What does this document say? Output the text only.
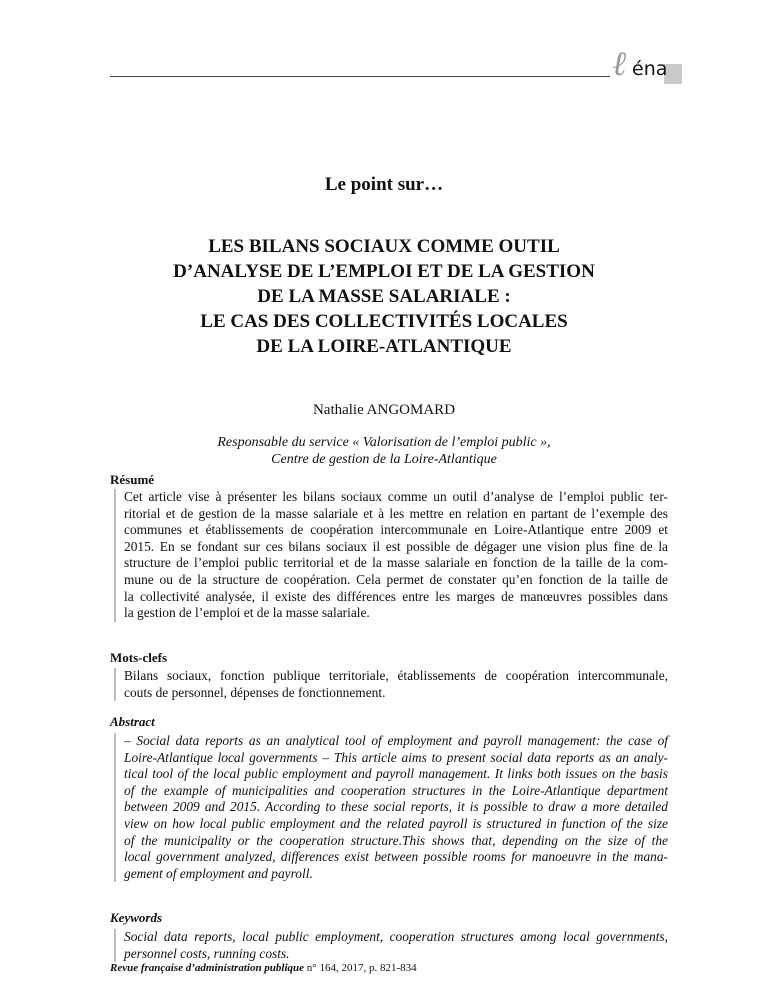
ℓ éna
Le point sur…
LES BILANS SOCIAUX COMME OUTIL
D’ANALYSE DE L’EMPLOI ET DE LA GESTION
DE LA MASSE SALARIALE :
LE CAS DES COLLECTIVITÉS LOCALES
DE LA LOIRE-ATLANTIQUE
Nathalie ANGOMARD
Responsable du service « Valorisation de l’emploi public »,
Centre de gestion de la Loire-Atlantique
Résumé
Cet article vise à présenter les bilans sociaux comme un outil d’analyse de l’emploi public ter-
ritorial et de gestion de la masse salariale et à les mettre en relation en partant de l’exemple des
communes et établissements de coopération intercommunale en Loire-Atlantique entre 2009 et
2015. En se fondant sur ces bilans sociaux il est possible de dégager une vision plus fine de la
structure de l’emploi public territorial et de la masse salariale en fonction de la taille de la com-
mune ou de la structure de coopération. Cela permet de constater qu’en fonction de la taille de
la collectivité analysée, il existe des différences entre les marges de manœuvres possibles dans
la gestion de l’emploi et de la masse salariale.
Mots-clefs
Bilans sociaux, fonction publique territoriale, établissements de coopération intercommunale,
couts de personnel, dépenses de fonctionnement.
Abstract
– Social data reports as an analytical tool of employment and payroll management: the case of
Loire-Atlantique local governments – This article aims to present social data reports as an analy-
tical tool of the local public employment and payroll management. It links both issues on the basis
of the example of municipalities and cooperation structures in the Loire-Atlantique department
between 2009 and 2015. According to these social reports, it is possible to draw a more detailed
view on how local public employment and the related payroll is structured in function of the size
of the municipality or the cooperation structure.This shows that, depending on the size of the
local government analyzed, differences exist between possible rooms for manoeuvre in the mana-
gement of employment and payroll.
Keywords
Social data reports, local public employment, cooperation structures among local governments,
personnel costs, running costs.
Revue française d’administration publique n° 164, 2017, p. 821-834
